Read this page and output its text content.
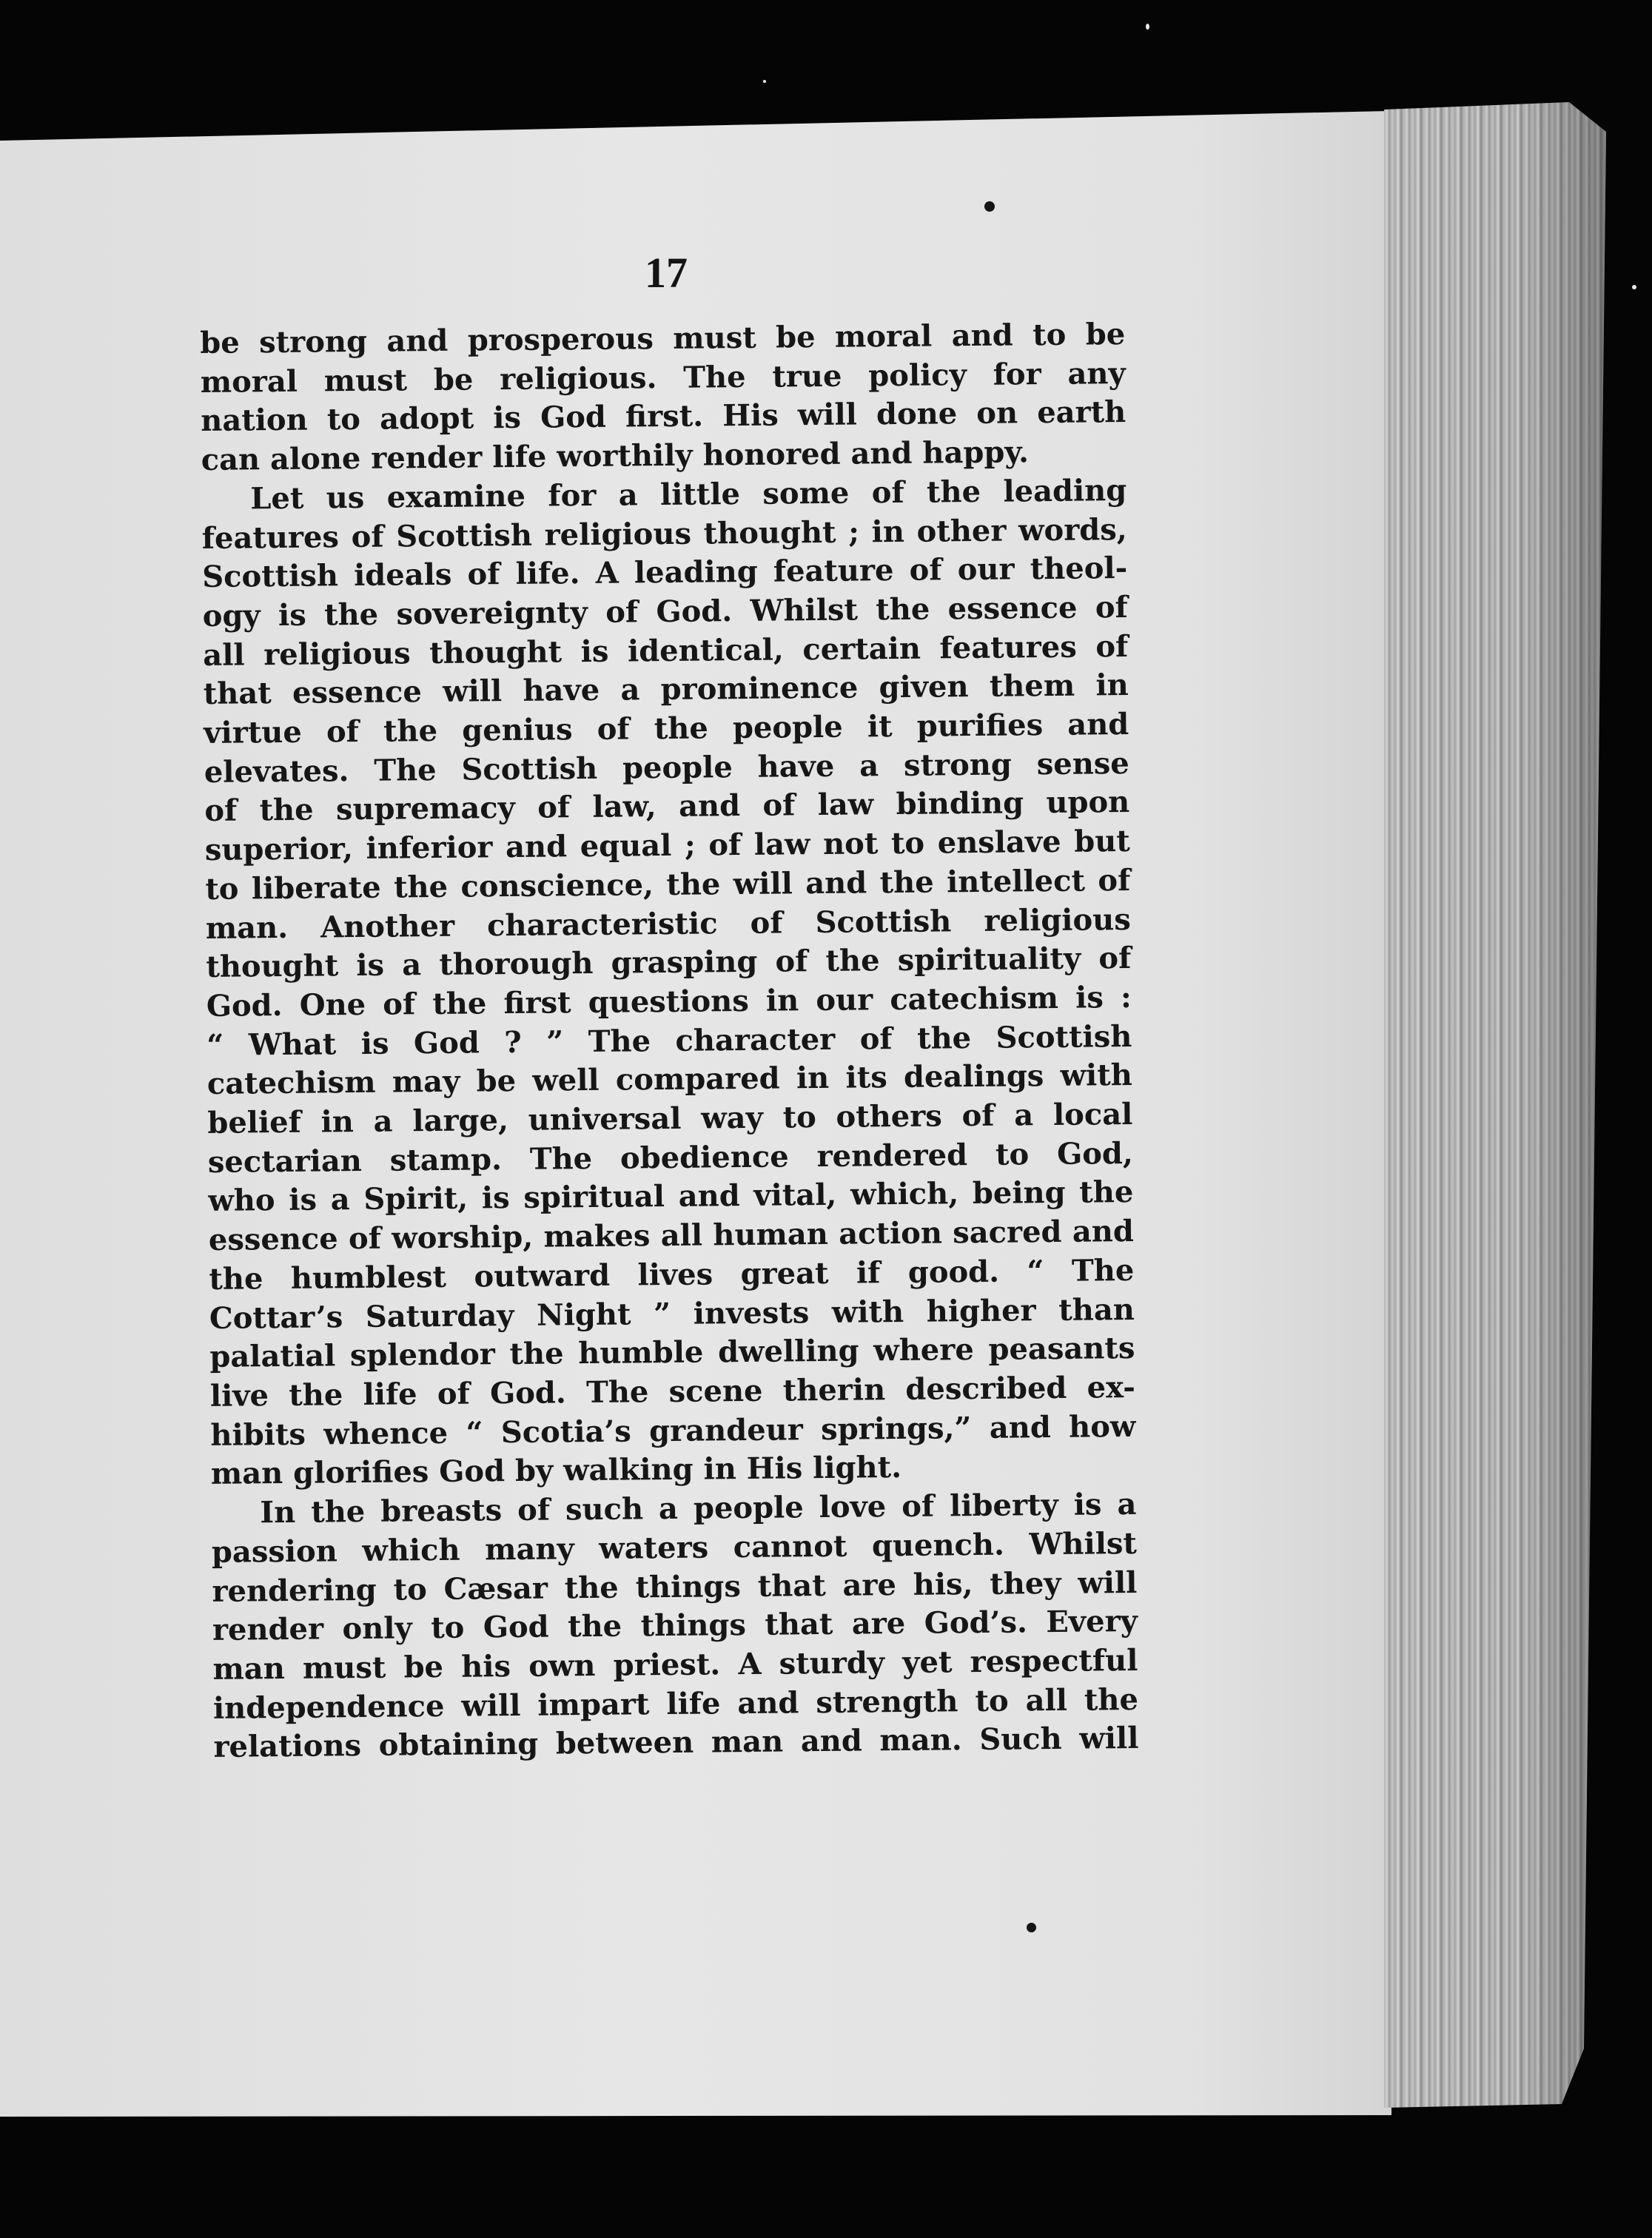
17
be strong and prosperous must be moral and to be
moral must be religious. The true policy for any
nation to adopt is God first. His will done on earth
can alone render life worthily honored and happy.
Let us examine for a little some of the leading
features of Scottish religious thought ; in other words,
Scottish ideals of life. A leading feature of our theol-
ogy is the sovereignty of God. Whilst the essence of
all religious thought is identical, certain features of
that essence will have a prominence given them in
virtue of the genius of the people it purifies and
elevates. The Scottish people have a strong sense
of the supremacy of law, and of law binding upon
superior, inferior and equal ; of law not to enslave but
to liberate the conscience, the will and the intellect of
man. Another characteristic of Scottish religious
thought is a thorough grasping of the spirituality of
God. One of the first questions in our catechism is :
“ What is God ? ” The character of the Scottish
catechism may be well compared in its dealings with
belief in a large, universal way to others of a local
sectarian stamp. The obedience rendered to God,
who is a Spirit, is spiritual and vital, which, being the
essence of worship, makes all human action sacred and
the humblest outward lives great if good. “ The
Cottar’s Saturday Night ” invests with higher than
palatial splendor the humble dwelling where peasants
live the life of God. The scene therin described ex-
hibits whence “ Scotia’s grandeur springs,” and how
man glorifies God by walking in His light.
In the breasts of such a people love of liberty is a
passion which many waters cannot quench. Whilst
rendering to Cæsar the things that are his, they will
render only to God the things that are God’s. Every
man must be his own priest. A sturdy yet respectful
independence will impart life and strength to all the
relations obtaining between man and man. Such will
